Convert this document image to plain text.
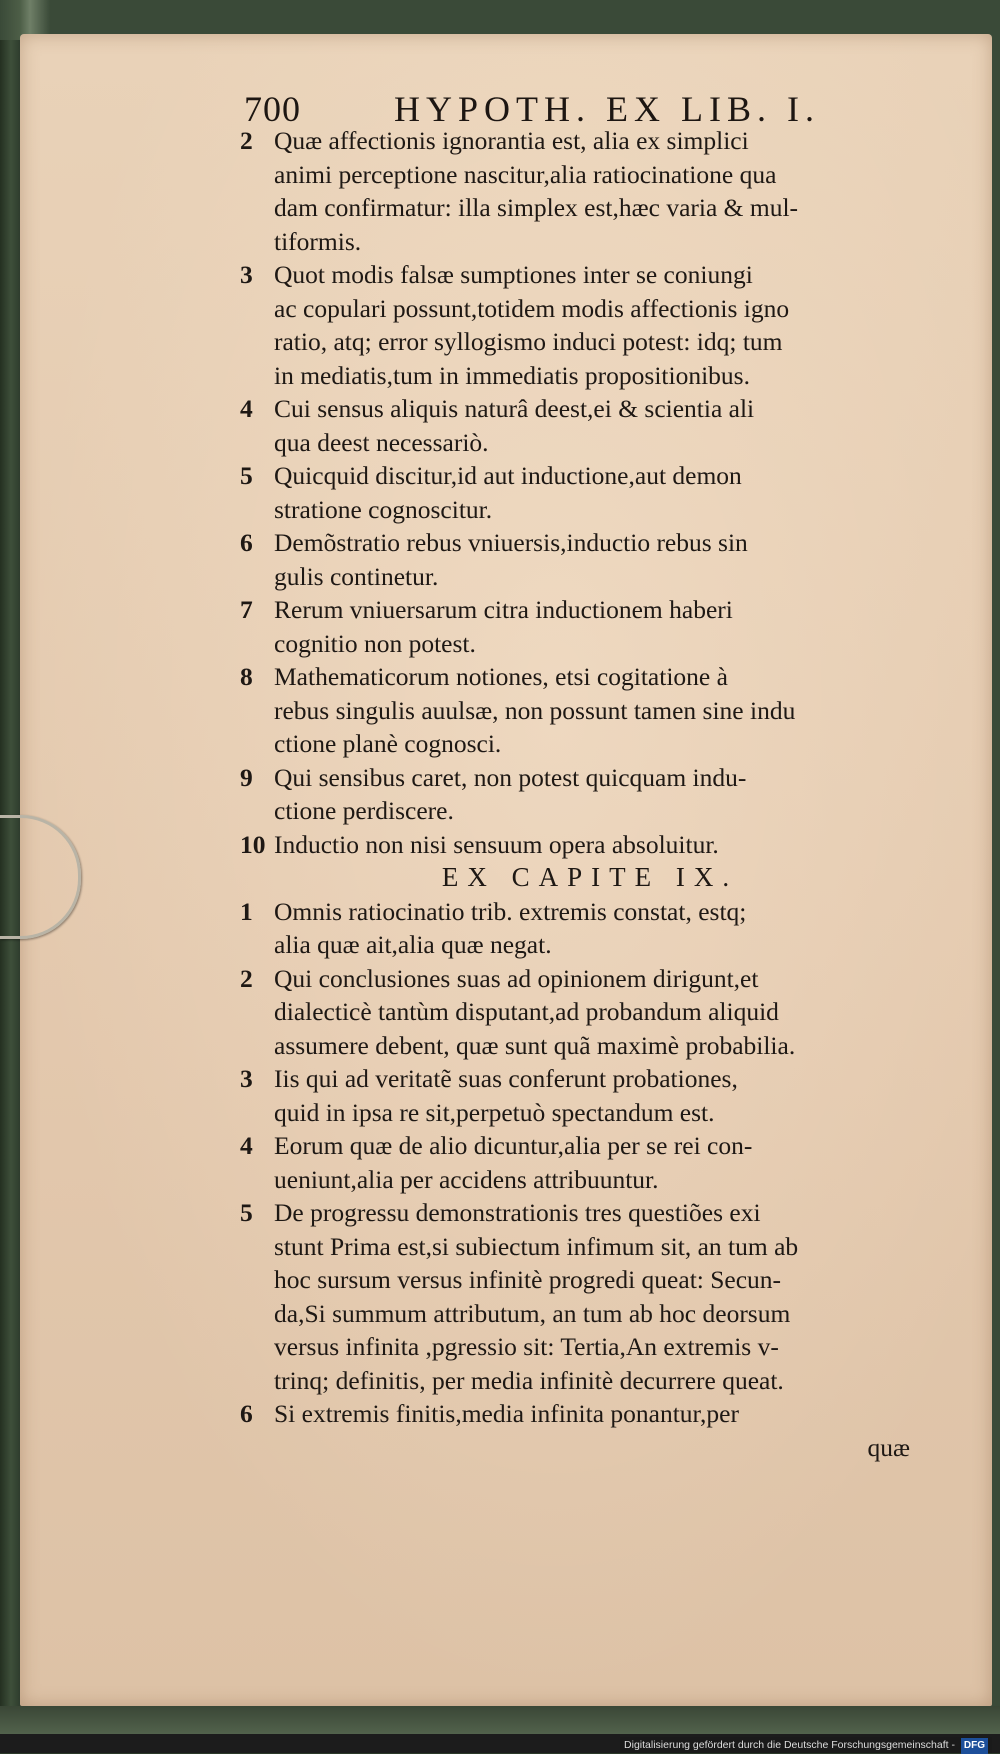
700	HYPOTH. EX LIB. I.
2 Quæ affectionis ignorantia est, alia ex simplici
animi perceptione nascitur,alia ratiocinatione qua
dam confirmatur: illa simplex est,hæc varia & mul-
tiformis.
3 Quot modis falsæ sumptiones inter se coniungi
ac copulari possunt,totidem modis affectionis igno
ratio, atq; error syllogismo induci potest: idq; tum
in mediatis,tum in immediatis propositionibus.
4 Cui sensus aliquis naturâ deest,ei & scientia ali
qua deest necessariò.
5 Quicquid discitur,id aut inductione,aut demon
stratione cognoscitur.
6 Demõstratio rebus vniuersis,inductio rebus sin
gulis continetur.
7 Rerum vniuersarum citra inductionem haberi
cognitio non potest.
8 Mathematicorum notiones, etsi cogitatione à
rebus singulis auulsæ, non possunt tamen sine indu
ctione planè cognosci.
9 Qui sensibus caret, non potest quicquam indu-
ctione perdiscere.
10 Inductio non nisi sensuum opera absoluitur.
EX CAPITE IX.
1 Omnis ratiocinatio trib. extremis constat, estq;
alia quæ ait,alia quæ negat.
2 Qui conclusiones suas ad opinionem dirigunt,et
dialecticè tantùm disputant,ad probandum aliquid
assumere debent, quæ sunt quã maximè probabilia.
3 Iis qui ad veritatẽ suas conferunt probationes,
quid in ipsa re sit,perpetuò spectandum est.
4 Eorum quæ de alio dicuntur,alia per se rei con-
ueniunt,alia per accidens attribuuntur.
5 De progressu demonstrationis tres questiões exi
stunt Prima est,si subiectum infimum sit, an tum ab
hoc sursum versus infinitè progredi queat: Secun-
da,Si summum attributum, an tum ab hoc deorsum
versus infinita ,pgressio sit: Tertia,An extremis v-
trinq; definitis, per media infinitè decurrere queat.
6 Si extremis finitis,media infinita ponantur,per
quæ
Digitalisierung gefördert durch die Deutsche Forschungsgemeinschaft - DFG
